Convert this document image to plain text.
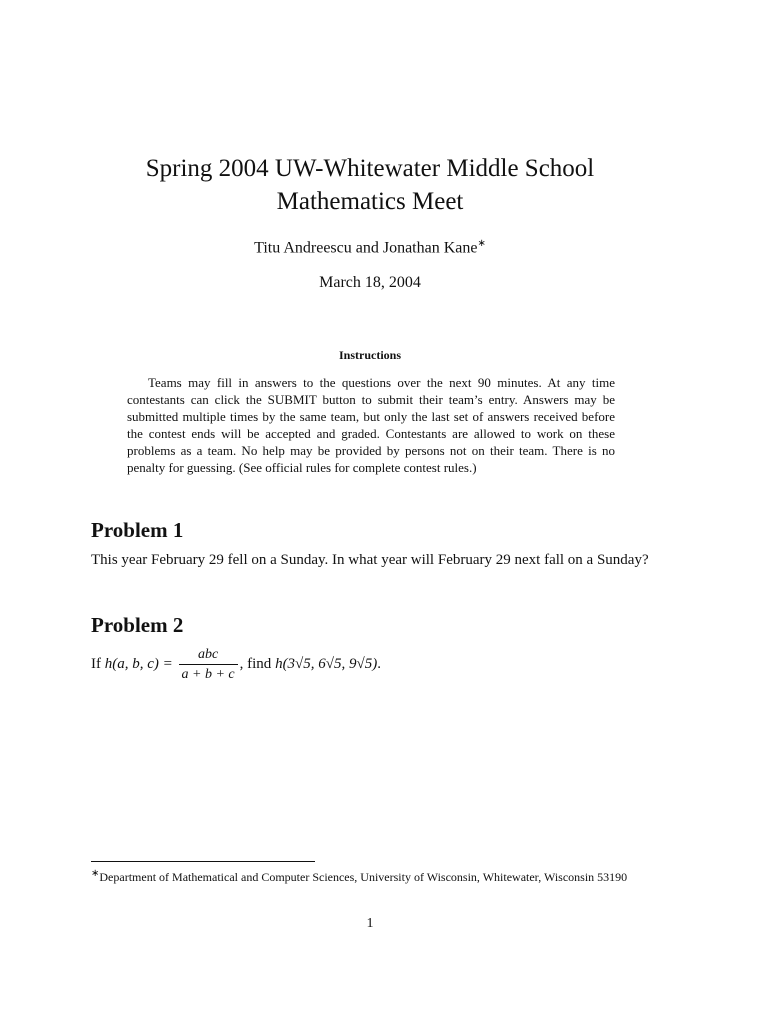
Spring 2004 UW-Whitewater Middle School
Mathematics Meet
Titu Andreescu and Jonathan Kane∗
March 18, 2004
Instructions
Teams may fill in answers to the questions over the next 90 minutes. At any time contestants can click the SUBMIT button to submit their team’s entry. Answers may be submitted multiple times by the same team, but only the last set of answers received before the contest ends will be accepted and graded. Contestants are allowed to work on these problems as a team. No help may be provided by persons not on their team. There is no penalty for guessing. (See official rules for complete contest rules.)
Problem 1
This year February 29 fell on a Sunday. In what year will February 29 next fall on a Sunday?
Problem 2
If h(a, b, $c) = \frac{\text{abc}}{a + b + c}$ , find h(3√5, 6√5, 9√5).
∗Department of Mathematical and Computer Sciences, University of Wisconsin, Whitewater, Wisconsin 53190
1
